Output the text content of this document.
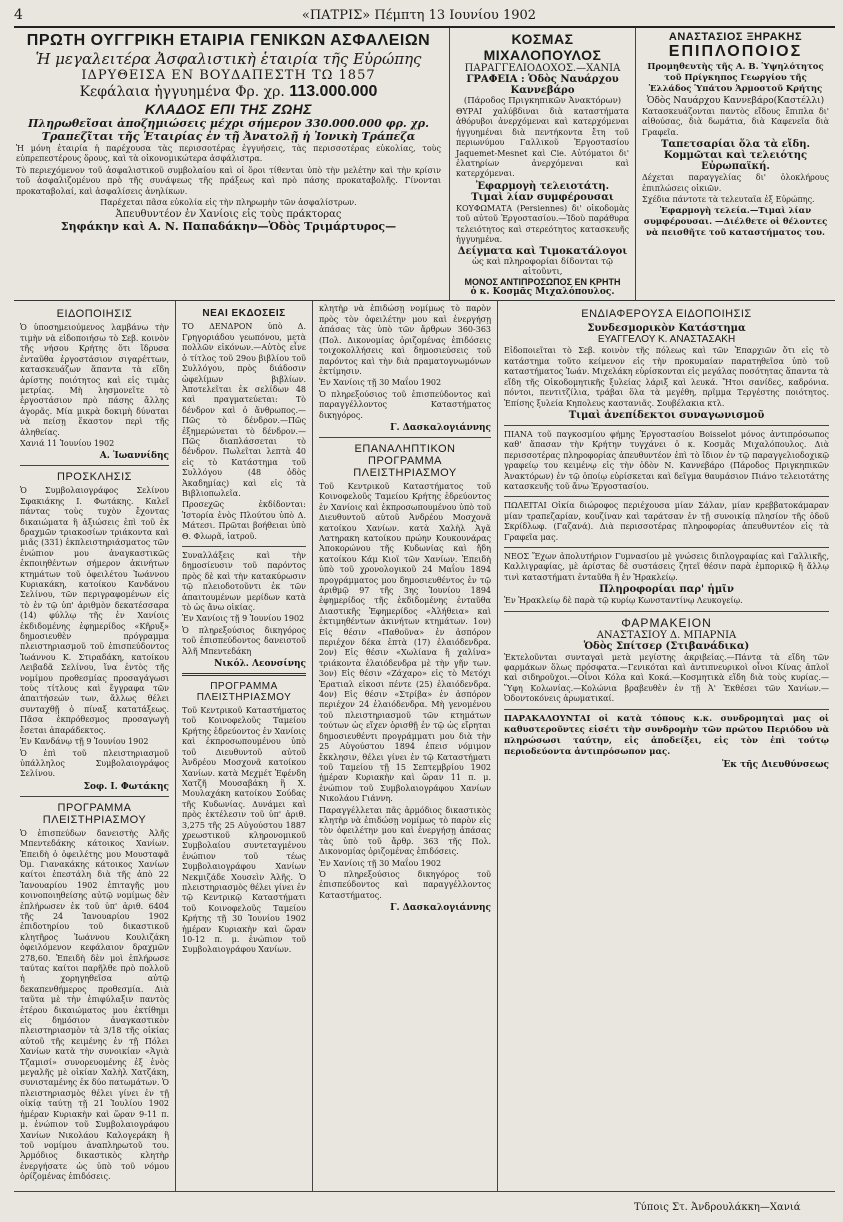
4	«ΠΑΤΡΙΣ» Πέμπτη 13 Ιουνίου 1902
ΠΡΩΤΗ ΟΥΓΓΡΙΚΗ ΕΤΑΙΡΙΑ ΓΕΝΙΚΩΝ ΑΣΦΑΛΕΙΩΝ
Ἡ μεγαλειτέρα Ἀσφαλιστικὴ ἑταιρία τῆς Εὐρώπης
ΙΔΡΥΘΕΙΣΑ ΕΝ ΒΟΥΔΑΠΕΣΤΗ ΤΩ 1857
Κεφάλαια ἠγγυημένα Φρ. χρ. 113.000.000
ΚΛΑΔΟΣ ΕΠΙ ΤΗΣ ΖΩΗΣ
Πληρωθεῖσαι ἀποζημιώσεις μέχρι σήμερον 330.000.000 φρ. χρ.
Τραπεζῖται τῆς Ἑταιρίας ἐν τῇ Ἀνατολῇ ἡ Ἰονικὴ Τράπεζα

Ἡ μόνη ἑταιρία ἡ παρέχουσα τὰς περισσοτέρας ἐγγυήσεις, τὰς περισσοτέρας εὐκολίας, τοὺς εὐπρεπεστέρους ὅρους, καὶ τὰ οἰκονομικώτερα ἀσφάλιστρα.

Τὸ περιεχόμενον τοῦ ἀσφαλιστικοῦ συμβολαίου καὶ οἱ ὅροι τίθενται ὑπὸ τὴν μελέτην καὶ τὴν κρίσιν τοῦ ἀσφαλιζομένου πρὸ τῆς συνάψεως τῆς πράξεως καὶ πρὸ πάσης προκαταβολῆς. Γίνονται προκαταβολαί, καὶ ἀσφαλίσεις ἀνηλίκων.

Παρέχεται πᾶσα εὐκολία εἰς τὴν πληρωμὴν τῶν ἀσφαλίστρων.

Ἀπευθυντέον ἐν Χανίοις εἰς τοὺς πράκτορας
Σηφάκην καὶ Α. Ν. Παπαδάκην—Ὁδὸς Τριμάρτυρος—
ΚΟΣΜΑΣ ΜΙΧΑΛΟΠΟΥΛΟΣ
ΠΑΡΑΓΓΕΛΙΟΔΟΧΟΣ.—ΧΑΝΙΑ
ΓΡΑΦΕΙΑ : Ὁδὸς Ναυάρχου Καννεβάρο
(Πάροδος Πριγκηπικῶν Ἀνακτόρων)

ΘΥΡΑΙ χαλύβδιναι διὰ καταστήματα ἀθόρυβοι ἀνερχόμεναι καὶ κατερχόμεναι ἠγγυημέναι διὰ πεντήκοντα ἔτη τοῦ περιωνύμου Γαλλικοῦ Ἐργοστασίου Jaquemet-Mesnet καὶ Cie. Αὐτόματοι δι' ἐλατηρίων ἀνερχόμεναι καὶ κατερχόμεναι.

Ἐφαρμογὴ τελειοτάτη.
Τιμαὶ λίαν συμφέρουσαι

ΚΟΥΦΩΜΑΤΑ (Persiennes) δι' οἰκοδομὰς τοῦ αὐτοῦ Ἐργοστασίου.—Ἰδοὺ παράθυρα τελειότητος καὶ στερεότητος κατασκευῆς ἠγγυημένα.

Δείγματα καὶ Τιμοκατάλογοι
ὡς καὶ πληροφορίαι δίδονται τῷ αἰτοῦντι,
ΜΟΝΟΣ ΑΝΤΙΠΡΟΣΩΠΟΣ ΕΝ ΚΡΗΤΗ
ὁ κ. Κοσμᾶς Μιχαλόπουλος.
ΑΝΑΣΤΑΣΙΟΣ ΞΗΡΑΚΗΣ
ΕΠΙΠΛΟΠΟΙΟΣ

Προμηθευτὴς τῆς Α. Β. Ὑψηλότητος τοῦ Πρίγκηπος Γεωργίου τῆς Ἑλλάδος Ὑπάτου Ἁρμοστοῦ Κρήτης

Ὁδὸς Ναυάρχου Καννεβάρο(Καστέλλι)

Κατασκευάζονται παντὸς εἴδους ἔπιπλα δι' αἰθούσας, διὰ δωμάτια, διὰ Καφενεῖα διὰ Γραφεῖα.

Ταπετσαρίαι ὅλα τὰ εἴδη.
Κομμῶται καὶ τελειότης Εὐρωπαϊκή.

Δέχεται παραγγελίας δι' ὁλοκλήρους ἐπιπλώσεις οἰκιῶν.

Σχέδια πάντοτε τὰ τελευταῖα ἐξ Εὐρώπης.

Ἐφαρμογὴ τελεία.—Τιμαὶ λίαν συμφέρουσαι. —Διέλθετε οἱ θέλοντες νὰ πεισθῆτε τοῦ καταστήματος του.

ΕΙΔΟΠΟΙΗΣΙΣ

Ὁ ὑποσημειούμενος λαμβάνω τὴν τιμὴν νὰ εἰδοποιήσω τὸ Σεβ. κοινὸν τῆς νήσου Κρήτης ὅτι ἵδρυσα ἐνταῦθα ἐργοστάσιον σιγαρέττων, κατασκευάζων ἅπαντα τὰ εἴδη ἀρίστης ποιότητος καὶ εἰς τιμὰς μετρίας. Μὴ λησμονεῖτε τὸ ἐργοστάσιον πρὸ πάσης ἄλλης ἀγορᾶς. Μία μικρὰ δοκιμὴ δύναται νὰ πείσῃ ἕκαστον περὶ τῆς ἀληθείας.

Χανιά 11 Ἰουνίου 1902
Α. Ἰωαννίδης
ΠΡΟΣΚΛΗΣΙΣ

Ὁ Συμβολαιογράφος Σελίνου Σφακιάκης Ι. Φωτάκης. Καλεῖ πάντας τοὺς τυχὸν ἔχοντας δικαιώματα ἢ ἀξιώσεις ἐπὶ τοῦ ἐκ δραχμῶν τριακοσίων τριάκοντα καὶ μιᾶς (331) ἐκπλειστηριάσματος τῶν ἐνώπιον μου ἀναγκαστικῶς ἐκποιηθέντων σήμερον ἀκινήτων κτημάτων τοῦ ὀφειλέτου Ἰωάννου Κυριακάκη, κατοίκου Κανδάνου Σελίνου, τῶν περιγραφομένων εἰς τὸ ἐν τῷ ὑπ' ἀριθμὸν δεκατέσσαρα (14) φύλλῳ τῆς ἐν Χανίοις ἐκδιδομένης ἐφημερίδος «Κῆρυξ» δημοσιευθὲν πρόγραμμα πλειστηριασμοῦ τοῦ ἐπισπεύδοντος Ἰωάννου Κ. Στιραδάκη, κατοίκου Λειβαδᾶ Σελίνου, ἵνα ἐντὸς τῆς νομίμου προθεσμίας προσαγάγωσι τοὺς τίτλους καὶ ἔγγραφα τῶν ἀπαιτήσεών των, ἄλλως θέλει συνταχθῇ ὁ πίναξ κατατάξεως. Πᾶσα ἐκπρόθεσμος προσαγωγὴ ἔσεται ἀπαράδεκτος.

Ἐν Κανδάνῳ τῇ 9 Ἰουνίου 1902

Ὁ ἐπὶ τοῦ πλειστηριασμοῦ ὑπάλληλος Συμβολαιογράφος Σελίνου.

Σοφ. Ι. Φωτάκης
ΠΡΟΓΡΑΜΜΑ ΠΛΕΙΣΤΗΡΙΑΣΜΟΥ

Ὁ ἐπισπεύδων δανειστὴς Ἀλῆς Μπεντεδάκης κάτοικος Χανίων. Ἐπειδὴ ὁ ὀφειλέτης μου Μουσταφᾶ Ὀμ. Γιανακάκης κάτοικος Χανίων καίτοι ἐπεστάλη διὰ τῆς ἀπὸ 22 Ἰανουαρίου 1902 ἐπιταγῆς μου κοινοποιηθείσης αὐτῷ νομίμως δὲν ἐπλήρωσεν ἐκ τοῦ ὑπ' ἀριθ. 6404 τῆς 24 Ἰανουαρίου 1902 ἐπιδοτηρίου τοῦ δικαστικοῦ κλητῆρος Ἰωάννου Κουλιζάκη ὀφειλόμενον κεφάλαιον δραχμῶν 278,60. Ἐπειδὴ δὲν μοὶ ἐπλήρωσε ταύτας καίτοι παρῆλθε πρὸ πολλοῦ ἡ χορηγηθεῖσα αὐτῷ δεκαπενθήμερος προθεσμία. Διὰ ταῦτα μὲ τὴν ἐπιφύλαξιν παντὸς ἑτέρου δικαιώματος μου ἐκτίθημι εἰς δημόσιον ἀναγκαστικὸν πλειστηριασμὸν τὰ 3/18 τῆς οἰκίας αὐτοῦ τῆς κειμένης ἐν τῇ Πόλει Χανίων κατὰ τὴν συνοικίαν «Ἁγιὰ Τζαμισί» συνορευομένης ἐξ ἑνὸς μεγαλῆς μὲ οἰκίαν Χαλὴλ Χατζάκη, συνισταμένης ἐκ δύο πατωμάτων. Ὁ πλειστηριασμὸς θέλει γίνει ἐν τῇ οἰκίᾳ ταύτῃ τῇ 21 Ἰουλίου 1902 ἡμέραν Κυριακὴν καὶ ὥραν 9-11 π. μ. ἐνώπιον τοῦ Συμβολαιογράφου Χανίων Νικολάου Καλογεράκη ἢ τοῦ νομίμου ἀναπληρωτοῦ του. Ἀρμόδιος δικαστικὸς κλητὴρ ἐνεργήσατε ὡς ὑπὸ τοῦ νόμου ὁρίζομένας ἐπιδόσεις.

ΝΕΑΙ ΕΚΔΟΣΕΙΣ

ΤΟ ΔΕΝΔΡΟΝ ὑπὸ Δ. Γρηγοριάδου γεωπόνου, μετὰ πολλῶν εἰκόνων.—Αὐτὸς εἶνε ὁ τίτλος τοῦ 29ου βιβλίου τοῦ Συλλόγου, πρὸς διάδοσιν ὠφελίμων βιβλίων. Ἀποτελεῖται ἐκ σελίδων 48 καὶ πραγματεύεται: Τὸ δένδρον καὶ ὁ ἄνθρωπος.—Πῶς τὸ δένδρον.—Πῶς ἐξημερώνεται τὸ δένδρον.—Πῶς διαπλάσσεται τὸ δένδρον. Πωλεῖται λεπτὰ 40 εἰς τὸ Κατάστημα τοῦ Συλλόγου (48 ὁδὸς Ἀκαδημίας) καὶ εἰς τὰ Βιβλιοπωλεῖα.

Προσεχῶς ἐκδίδονται: Ἱστορία ἑνὸς Πλούτου ὑπὸ Δ. Μάτεσι. Πρῶται βοήθειαι ὑπὸ Θ. Φλωρᾶ, ἰατροῦ.

Συναλλάξεις καὶ τὴν δημοσίευσιν τοῦ παρόντος πρὸς δὲ καὶ τὴν κατακύρωσιν τῷ πλειοδοτοῦντι ἐκ τῶν ἀπαιτουμένων μερίδων κατὰ τὸ ὡς ἄνω οἰκίας.

Ἐν Χανίοις τῇ 9 Ἰουνίου 1902

Ὁ πληρεξούσιος δικηγόρος τοῦ ἐπισπεύδοντος δανειστοῦ Ἀλῆ Μπεντεδάκη

Νικόλ. Λεονσίνης
ΠΡΟΓΡΑΜΜΑ ΠΛΕΙΣΤΗΡΙΑΣΜΟΥ

Τοῦ Κεντρικοῦ Καταστήματος τοῦ Κοινοφελοῦς Ταμείου Κρήτης ἑδρεύοντος ἐν Χανίοις καὶ ἐκπροσωπουμένου ὑπὸ τοῦ Διευθυντοῦ αὐτοῦ Ἀνδρέου Μοσχονᾶ κατοίκου Χανίων. κατὰ Μεχμέτ Ἐφένδη Χατζῆ Μουσαβάκη ἢ Χ. Μουλαχάκη κατοίκου Σούδας τῆς Κυδωνίας. Δυνάμει καὶ πρὸς ἐκτέλεσιν τοῦ ὑπ' ἀριθ. 3,275 τῆς 25 Αὐγούστου 1887 χρεωστικοῦ κληρονομικοῦ Συμβολαίου συντεταγμένου ἐνώπιον τοῦ τέως Συμβολαιογράφου Χανίων Νεκμιζάδε Χουσεὶν Ἀλῆς. Ὁ πλειστηριασμὸς θέλει γίνει ἐν τῷ Κεντρικῷ Καταστήματι τοῦ Κοινοφελοῦς Ταμείου Κρήτης τῇ 30 Ἰουνίου 1902 ἡμέραν Κυριακὴν καὶ ὥραν 10-12 π. μ. ἐνώπιον τοῦ Συμβολαιογράφου Χανίων.

κλητὴρ νὰ ἐπιδώσῃ νομίμως τὸ παρὸν πρὸς τὸν ὀφειλέτην μου καὶ ἐνεργήσῃ ἁπάσας τὰς ὑπὸ τῶν ἄρθρων 360-363 (Πολ. Δικονομίας ὁριζομένας ἐπιδόσεις τοιχοκολλήσεις καὶ δημοσιεύσεις τοῦ παρόντος καὶ τὴν διὰ πραματογνωμόνων ἐκτίμησιν.

Ἐν Χανίοις τῇ 30 Μαΐου 1902

Ὁ πληρεξούσιος τοῦ ἐπισπεύδοντος καὶ παραγγέλλοντος Καταστήματος δικηγόρος.

Γ. Δασκαλογιάννης
ΕΠΑΝΑΛΗΠΤΙΚΟΝ ΠΡΟΓΡΑΜΜΑ ΠΛΕΙΣΤΗΡΙΑΣΜΟΥ

Τοῦ Κεντρικοῦ Καταστήματος τοῦ Κοινοφελοῦς Ταμείου Κρήτης ἑδρεύοντος ἐν Χανίοις καὶ ἐκπροσωπουμένου ὑπὸ τοῦ Διευθυντοῦ αὐτοῦ Ἀνδρέου Μοσχονᾶ κατοίκου Χανίων. κατὰ Χαλὴλ Ἀγᾶ Λατηρακη κατοίκου πρώην Κουκουνάρας Ἀποκορώνου τῆς Κυδωνίας καὶ ἤδη κατοίκου Κάμ Κιοϊ τῶν Χανίων. Ἐπειδὴ ὑπὸ τοῦ χρονολογικοῦ 24 Μαΐου 1894 προγράμματος μου δημοσιευθέντος ἐν τῷ ἀριθμῷ 97 τῆς 3ης Ἰουνίου 1894 ἐφημερίδος τῆς ἐκδιδομένης ἐνταῦθα Διαστικῆς Ἐφημερίδος «Ἀλήθεια» καὶ ἐκτιμηθέντων ἀκινήτων κτημάτων. 1ον) Εἰς θέσιν «Παθοῦνα» ἐν ἀσπόρον περιέχον δέκα ἑπτὰ (17) ἐλαιόδενδρα. 2ον) Εἰς θέσιν «Χωλίανα ἢ χαλίνα» τριάκοντα ἐλαιόδενδρα μὲ τὴν γῆν των. 3ον) Εἰς θέσιν «Ζάχαρο» εἰς τὸ Μετόχι Ἐρατιαλ εἰκοσι πέντε (25) ἐλαιόδενδρα. 4ον) Εἰς θέσιν «Στρίβα» ἐν ἀσπόρον περιέχον 24 ἐλαιόδενδρα. Μὴ γενομένου τοῦ πλειστηριασμοῦ τῶν κτημάτων τούτων ὡς εἴχεν ὁρισθῇ ἐν τῷ ὡς εἴρηται δημοσιευθέντι προγράμματι μου διὰ τὴν 25 Αὐγούστου 1894 ἐπεισ νόμιμον ἔκκλησιν, θέλει γίνει ἐν τῷ Καταστήματι τοῦ Ταμείου τῇ 15 Σεπτεμβρίου 1902 ἡμέραν Κυριακὴν καὶ ὥραν 11 π. μ. ἐνώπιον τοῦ Συμβολαιογράφου Χανίων Νικολάου Γιάννη.

Παραγγέλλεται πᾶς ἁρμόδιος δικαστικὸς κλητὴρ νὰ ἐπιδώσῃ νομίμως τὸ παρὸν εἰς τὸν ὀφειλέτην μου καὶ ἐνεργήσῃ ἁπάσας τὰς ὑπὸ τοῦ ἄρθρ. 363 τῆς Πολ. Δικονομίας ὁριζομένας ἐπιδόσεις.

Ἐν Χανίοις τῇ 30 Μαΐου 1902

Ὁ πληρεξούσιος δικηγόρος τοῦ ἐπισπεύδοντος καὶ παραγγέλλοντος Καταστήματος.

Γ. Δασκαλογιάννης
ΕΝΔΙΑΦΕΡΟΥΣΑ ΕΙΔΟΠΟΙΗΣΙΣ
Συνδεσμορικὸν Κατάστημα
ΕΥΑΓΓΕΛΟΥ Κ. ΑΝΑΣΤΑΣΑΚΗ

Εἰδοποιεῖται τὸ Σεβ. κοινὸν τῆς πόλεως καὶ τῶν Ἐπαρχιῶν ὅτι εἰς τὸ κατάστημα τοῦτο κείμενον εἰς τὴν προκυμαίαν παρατηθεῖσα ὑπὸ τοῦ καταστήματος Ἰωάν. Μιχελάκη εὑρίσκονται εἰς μεγάλας ποσότητας ἅπαντα τὰ εἴδη τῆς Οἰκοδομητικῆς ξυλείας λάριξ καὶ λευκά. Ἤτοι σανίδες, καδρόνια. πόντοι, πεντιτζίλια, τράβαι ὅλα τὰ μεγέθη, πρῖμμα Τεργέστης ποιότητος. Ἐπίσης ξυλεία Κηπολευς καστανιᾶς. Σουβέλακια κτλ.

Τιμαὶ ἀνεπίδεκτοι συναγωνισμοῦ

ΠΙΑΝΑ τοῦ παγκοσμίου φήμης Ἐργοστασίου Boisselot μόνος ἀντιπρόσωπος καθ' ἅπασαν τὴν Κρήτην τυγχάνει ὁ κ. Κοσμᾶς Μιχαλόπουλος. Διὰ περισσοτέρας πληροφορίας ἀπευθυντέον ἐπὶ τὸ ἴδιον ἐν τῷ παραγγελιοδοχικῷ γραφείῳ του κειμένῳ εἰς τὴν ὁδὸν Ν. Καννεβάρο (Πάροδος Πριγκηπικῶν Ἀνακτόρων) ἐν τῷ ὁποίῳ εὑρίσκεται καὶ δεῖγμα θαυμάσιον Πιάνο τελειοτάτης κατασκευῆς τοῦ ἄνω Ἐργοστασίου.

ΠΩΛΕΙΤΑΙ Οἰκία διώροφος περιέχουσα μίαν Σάλαν, μίαν κρεββατοκάμαραν μίαν τραπεζαρίαν, κουζίναν καὶ ταράτσαν ἐν τῇ συνοικίᾳ πλησίον τῆς ὁδοῦ Σκρίδλωφ. (Γαζανά). Διὰ περισσοτέρας πληροφορίας ἀπευθυντέον εἰς τὰ Γραφεῖα μας.

ΝΕΟΣ Ἔχων ἀπολυτήριον Γυμνασίου μὲ γνώσεις διπλογραφίας καὶ Γαλλικῆς, Καλλιγραφίας, μὲ ἀρίστας δὲ συστάσεις ζητεῖ θέσιν παρὰ ἐμπορικῷ ἢ ἄλλῳ τινὶ καταστήματι ἐνταῦθα ἢ ἐν Ἡρακλείῳ.

Πληροφορίαι παρ' ἡμῖν

Ἐν Ἡρακλείῳ δὲ παρὰ τῷ κυρίῳ Κωνσταντίνῳ Λευκογείῳ.

ΦΑΡΜΑΚΕΙΟΝ
ΑΝΑΣΤΑΣΙΟΥ Δ. ΜΠΑΡΝΙΑ
Ὁδὸς Σπίτσερ (Στιβανάδικα)

Ἐκτελοῦνται συνταγαὶ μετὰ μεγίστης ἀκριβείας.—Πάντα τὰ εἴδη τῶν φαρμάκων ὅλως πρόσφατα.—Γενικόται καὶ ἀντιπνευρικοὶ οἶνοι Κίνας ἁπλοῖ καὶ σιδηροῦχοι.—Οἶνοι Κόλα καὶ Κοκά.—Κοσμητικὰ εἴδη διὰ τοὺς κυρίας.—Ὕφη Κολωνίας.—Κολώνια βραβευθὲν ἐν τῇ Ἀ' Ἐκθέσει τῶν Χανίων.—Ὀδοντοκόνεις ἀρωματικαί.

ΠΑΡΑΚΑΛΟΥΝΤΑΙ οἱ κατὰ τόπους κ.κ. συνδρομηταὶ μας οἱ καθυστεροῦντες εἰσέτι τὴν συνδρομὴν τῶν πρώτου Περιόδου νὰ πληρώσωσι ταύτην, εἰς ἀποδείξει, εἰς τὸν ἐπὶ τούτῳ περιοδεύοντα ἀντιπρόσωπον μας.

Ἐκ τῆς Διευθύνσεως
Τύποις Στ. Ἀνδρουλάκκη—Χανιά
